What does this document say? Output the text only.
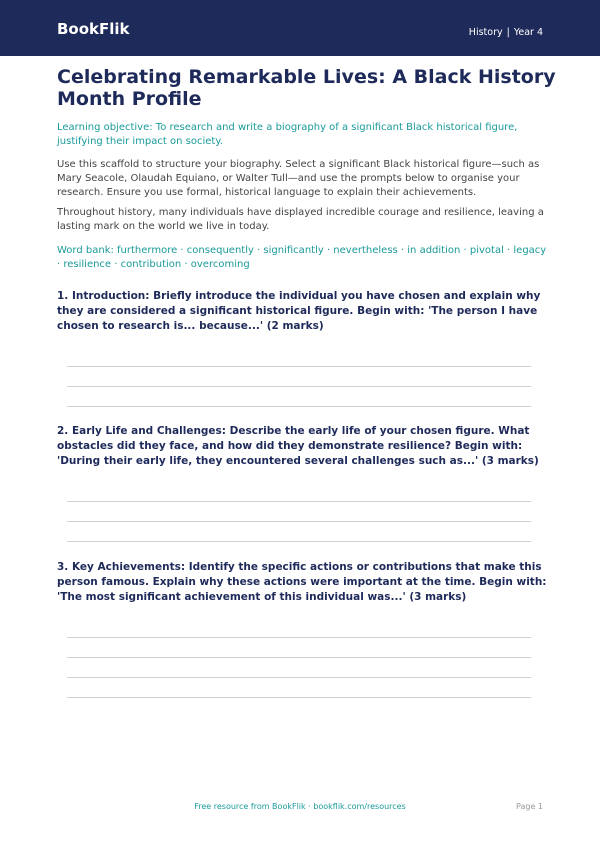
BookFlik	History | Year 4
Celebrating Remarkable Lives: A Black History Month Profile
Learning objective: To research and write a biography of a significant Black historical figure, justifying their impact on society.
Use this scaffold to structure your biography. Select a significant Black historical figure—such as Mary Seacole, Olaudah Equiano, or Walter Tull—and use the prompts below to organise your research. Ensure you use formal, historical language to explain their achievements.
Throughout history, many individuals have displayed incredible courage and resilience, leaving a lasting mark on the world we live in today.
Word bank: furthermore · consequently · significantly · nevertheless · in addition · pivotal · legacy · resilience · contribution · overcoming
1. Introduction: Briefly introduce the individual you have chosen and explain why they are considered a significant historical figure. Begin with: 'The person I have chosen to research is... because...' (2 marks)
2. Early Life and Challenges: Describe the early life of your chosen figure. What obstacles did they face, and how did they demonstrate resilience? Begin with: 'During their early life, they encountered several challenges such as...' (3 marks)
3. Key Achievements: Identify the specific actions or contributions that make this person famous. Explain why these actions were important at the time. Begin with: 'The most significant achievement of this individual was...' (3 marks)
Free resource from BookFlik · bookflik.com/resources	Page 1
